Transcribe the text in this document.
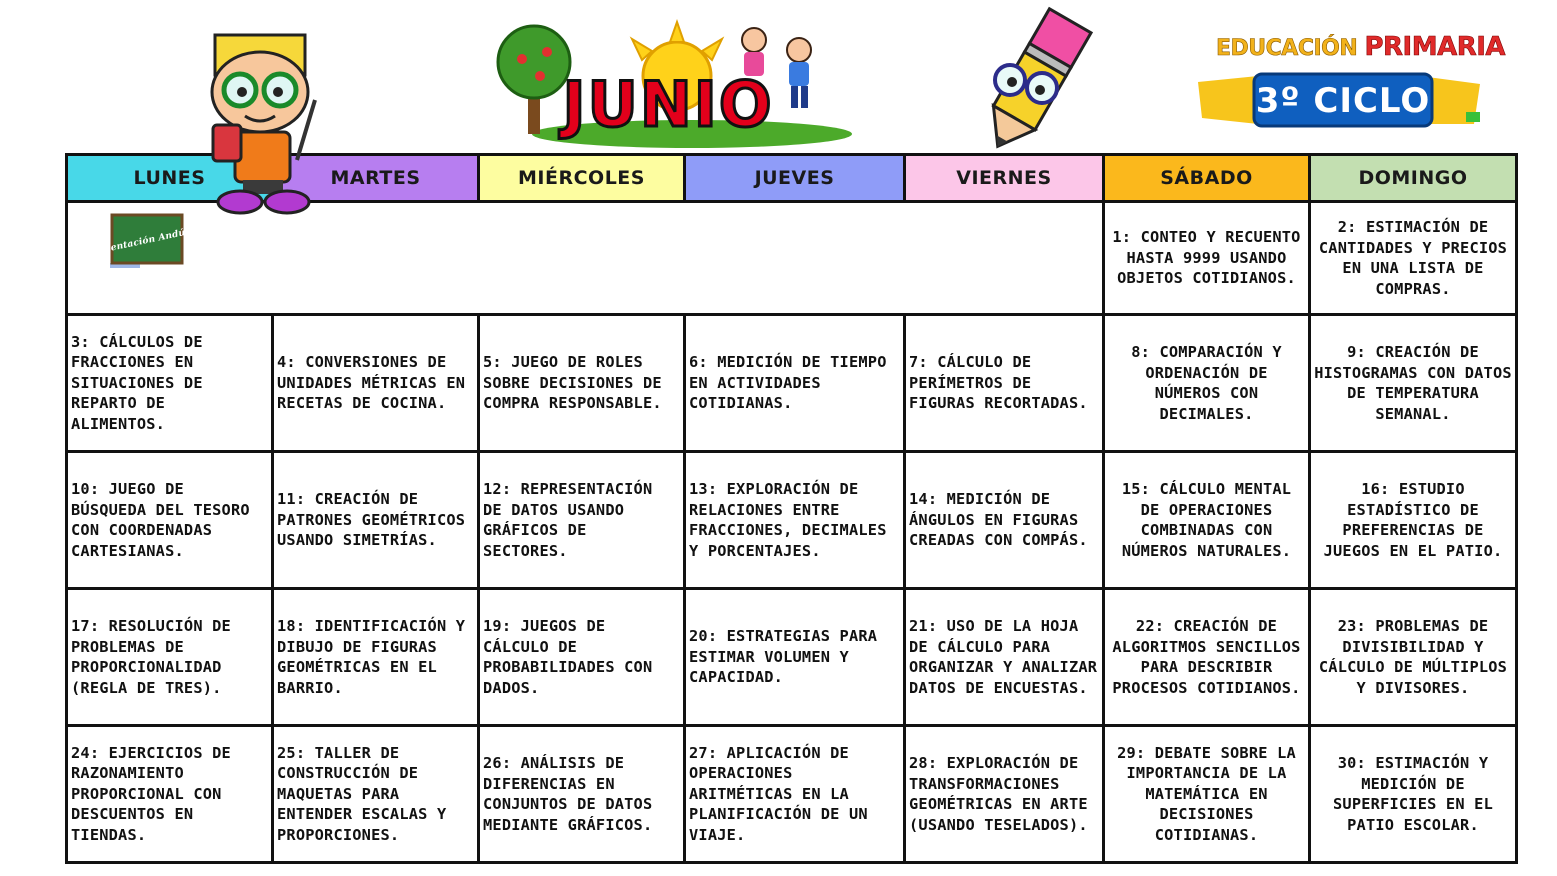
JUNIO
EDUCACIÓN PRIMARIA
3º CICLO
LUNES	MARTES	MIÉRCOLES	JUEVES	VIERNES	SÁBADO	DOMINGO

Orientación Andújar					1: CONTEO Y RECUENTO HASTA 9999 USANDO OBJETOS COTIDIANOS.	2: ESTIMACIÓN DE CANTIDADES Y PRECIOS EN UNA LISTA DE COMPRAS.
3: CÁLCULOS DE FRACCIONES EN SITUACIONES DE REPARTO DE ALIMENTOS.	4: CONVERSIONES DE UNIDADES MÉTRICAS EN RECETAS DE COCINA.	5: JUEGO DE ROLES SOBRE DECISIONES DE COMPRA RESPONSABLE.	6: MEDICIÓN DE TIEMPO EN ACTIVIDADES COTIDIANAS.	7: CÁLCULO DE PERÍMETROS DE FIGURAS RECORTADAS.	8: COMPARACIÓN Y ORDENACIÓN DE NÚMEROS CON DECIMALES.	9: CREACIÓN DE HISTOGRAMAS CON DATOS DE TEMPERATURA SEMANAL.
10: JUEGO DE BÚSQUEDA DEL TESORO CON COORDENADAS CARTESIANAS.	11: CREACIÓN DE PATRONES GEOMÉTRICOS USANDO SIMETRÍAS.	12: REPRESENTACIÓN DE DATOS USANDO GRÁFICOS DE SECTORES.	13: EXPLORACIÓN DE RELACIONES ENTRE FRACCIONES, DECIMALES Y PORCENTAJES.	14: MEDICIÓN DE ÁNGULOS EN FIGURAS CREADAS CON COMPÁS.	15: CÁLCULO MENTAL DE OPERACIONES COMBINADAS CON NÚMEROS NATURALES.	16: ESTUDIO ESTADÍSTICO DE PREFERENCIAS DE JUEGOS EN EL PATIO.
17: RESOLUCIÓN DE PROBLEMAS DE PROPORCIONALIDAD (REGLA DE TRES).	18: IDENTIFICACIÓN Y DIBUJO DE FIGURAS GEOMÉTRICAS EN EL BARRIO.	19: JUEGOS DE CÁLCULO DE PROBABILIDADES CON DADOS.	20: ESTRATEGIAS PARA ESTIMAR VOLUMEN Y CAPACIDAD.	21: USO DE LA HOJA DE CÁLCULO PARA ORGANIZAR Y ANALIZAR DATOS DE ENCUESTAS.	22: CREACIÓN DE ALGORITMOS SENCILLOS PARA DESCRIBIR PROCESOS COTIDIANOS.	23: PROBLEMAS DE DIVISIBILIDAD Y CÁLCULO DE MÚLTIPLOS Y DIVISORES.
24: EJERCICIOS DE RAZONAMIENTO PROPORCIONAL CON DESCUENTOS EN TIENDAS.	25: TALLER DE CONSTRUCCIÓN DE MAQUETAS PARA ENTENDER ESCALAS Y PROPORCIONES.	26: ANÁLISIS DE DIFERENCIAS EN CONJUNTOS DE DATOS MEDIANTE GRÁFICOS.	27: APLICACIÓN DE OPERACIONES ARITMÉTICAS EN LA PLANIFICACIÓN DE UN VIAJE.	28: EXPLORACIÓN DE TRANSFORMACIONES GEOMÉTRICAS EN ARTE (USANDO TESELADOS).	29: DEBATE SOBRE LA IMPORTANCIA DE LA MATEMÁTICA EN DECISIONES COTIDIANAS.	30: ESTIMACIÓN Y MEDICIÓN DE SUPERFICIES EN EL PATIO ESCOLAR.
